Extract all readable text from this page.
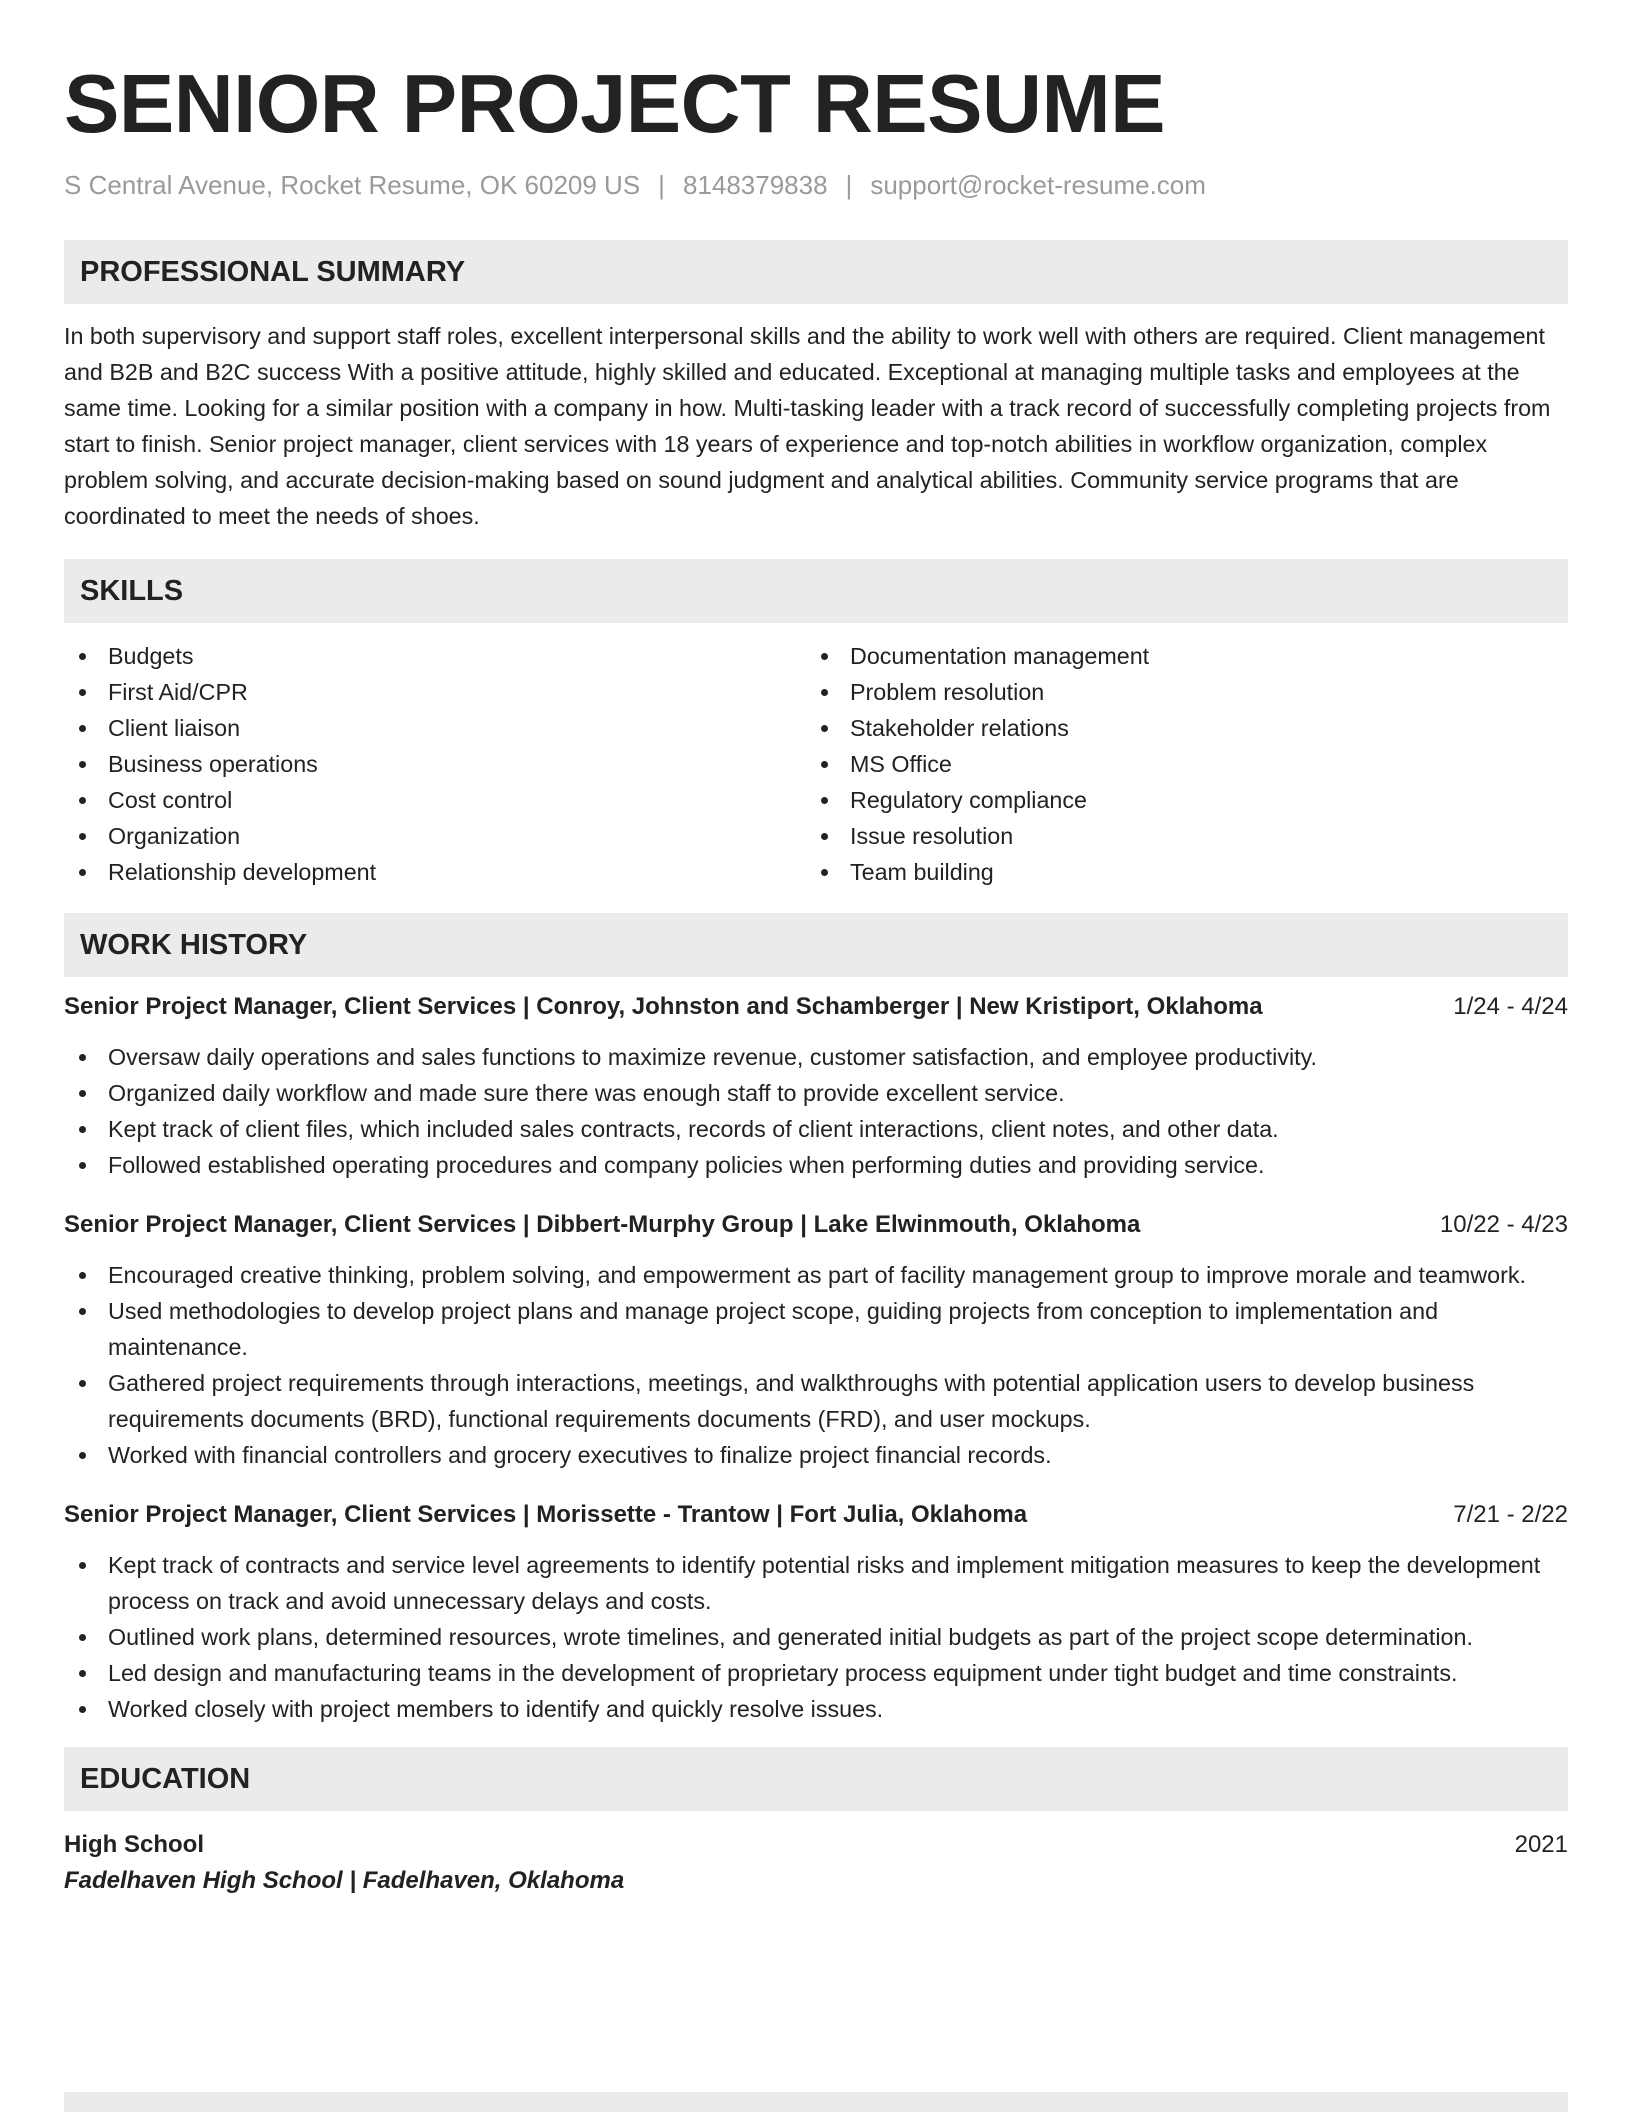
SENIOR PROJECT RESUME
S Central Avenue, Rocket Resume, OK 60209 US | 8148379838 | support@rocket-resume.com
PROFESSIONAL SUMMARY

In both supervisory and support staff roles, excellent interpersonal skills and the ability to work well with others are required. Client management and B2B and B2C success With a positive attitude, highly skilled and educated. Exceptional at managing multiple tasks and employees at the same time. Looking for a similar position with a company in how. Multi-tasking leader with a track record of successfully completing projects from start to finish. Senior project manager, client services with 18 years of experience and top-notch abilities in workflow organization, complex problem solving, and accurate decision-making based on sound judgment and analytical abilities. Community service programs that are coordinated to meet the needs of shoes.

SKILLS
Budgets
First Aid/CPR
Client liaison
Business operations
Cost control
Organization
Relationship development
Documentation management
Problem resolution
Stakeholder relations
MS Office
Regulatory compliance
Issue resolution
Team building
WORK HISTORY
Senior Project Manager, Client Services | Conroy, Johnston and Schamberger | New Kristiport, Oklahoma	1/24 - 4/24
Oversaw daily operations and sales functions to maximize revenue, customer satisfaction, and employee productivity.
Organized daily workflow and made sure there was enough staff to provide excellent service.
Kept track of client files, which included sales contracts, records of client interactions, client notes, and other data.
Followed established operating procedures and company policies when performing duties and providing service.
Senior Project Manager, Client Services | Dibbert-Murphy Group | Lake Elwinmouth, Oklahoma	10/22 - 4/23
Encouraged creative thinking, problem solving, and empowerment as part of facility management group to improve morale and teamwork.
Used methodologies to develop project plans and manage project scope, guiding projects from conception to implementation and maintenance.
Gathered project requirements through interactions, meetings, and walkthroughs with potential application users to develop business requirements documents (BRD), functional requirements documents (FRD), and user mockups.
Worked with financial controllers and grocery executives to finalize project financial records.
Senior Project Manager, Client Services | Morissette - Trantow | Fort Julia, Oklahoma	7/21 - 2/22
Kept track of contracts and service level agreements to identify potential risks and implement mitigation measures to keep the development process on track and avoid unnecessary delays and costs.
Outlined work plans, determined resources, wrote timelines, and generated initial budgets as part of the project scope determination.
Led design and manufacturing teams in the development of proprietary process equipment under tight budget and time constraints.
Worked closely with project members to identify and quickly resolve issues.
EDUCATION
High School	2021
Fadelhaven High School | Fadelhaven, Oklahoma
